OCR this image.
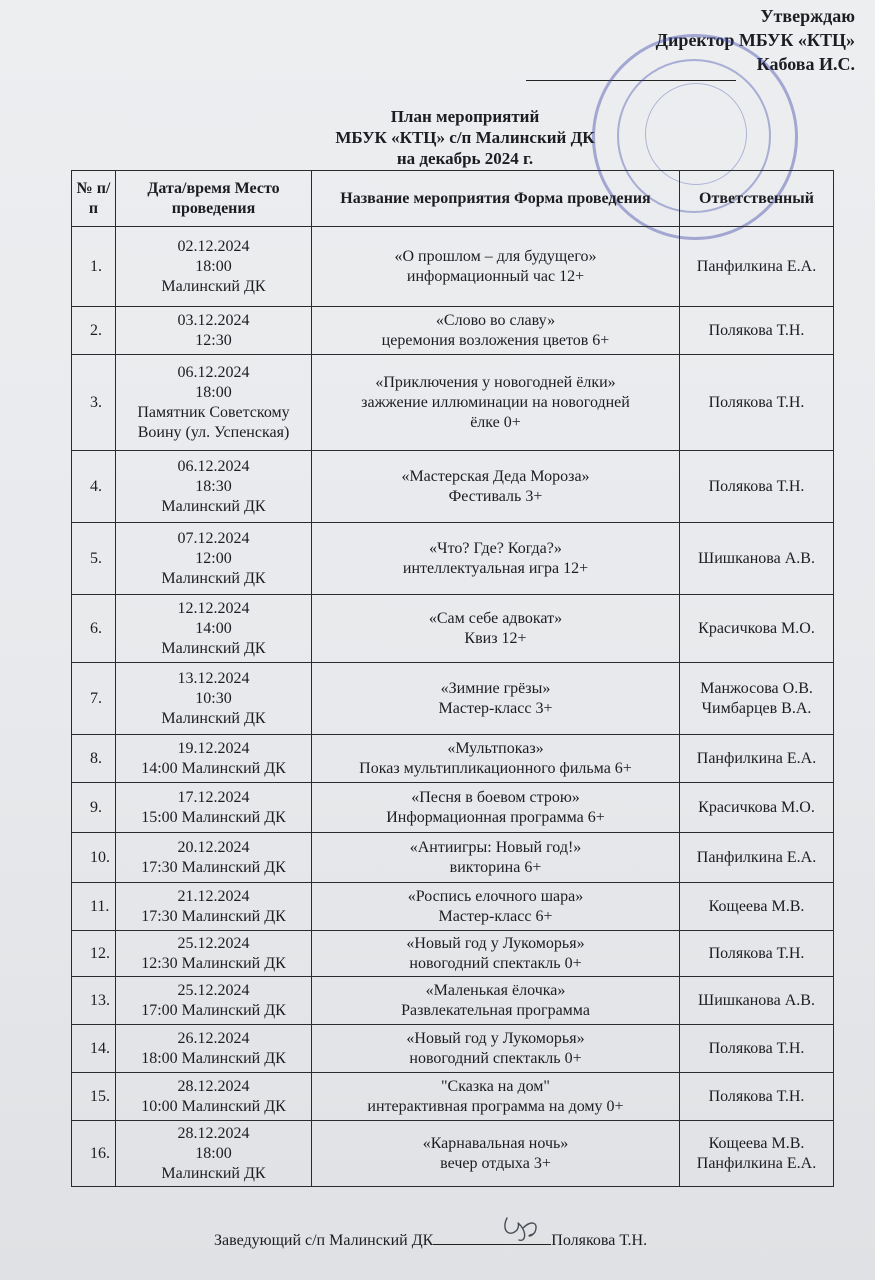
Утверждаю
Директор МБУК «КТЦ»
Кабова И.С.
План мероприятий
МБУК «КТЦ» с/п Малинский ДК
на декабрь 2024 г.
№ п/п	Дата/время Место проведения	Название мероприятия Форма проведения	Ответственный
1.	02.12.2024
18:00
Малинский ДК	«О прошлом – для будущего»
информационный час 12+	Панфилкина Е.А.
2.	03.12.2024
12:30	«Слово во славу»
церемония возложения цветов 6+	Полякова Т.Н.
3.	06.12.2024
18:00
Памятник Советскому
Воину (ул. Успенская)	«Приключения у новогодней ёлки»
зажжение иллюминации на новогодней
ёлке 0+	Полякова Т.Н.
4.	06.12.2024
18:30
Малинский ДК	«Мастерская Деда Мороза»
Фестиваль 3+	Полякова Т.Н.
5.	07.12.2024
12:00
Малинский ДК	«Что? Где? Когда?»
интеллектуальная игра 12+	Шишканова А.В.
6.	12.12.2024
14:00
Малинский ДК	«Сам себе адвокат»
Квиз 12+	Красичкова М.О.
7.	13.12.2024
10:30
Малинский ДК	«Зимние грёзы»
Мастер-класс 3+	Манжосова О.В.
Чимбарцев В.А.
8.	19.12.2024
14:00 Малинский ДК	«Мультпоказ»
Показ мультипликационного фильма 6+	Панфилкина Е.А.
9.	17.12.2024
15:00 Малинский ДК	«Песня в боевом строю»
Информационная программа 6+	Красичкова М.О.
10.	20.12.2024
17:30 Малинский ДК	«Антиигры: Новый год!»
викторина 6+	Панфилкина Е.А.
11.	21.12.2024
17:30 Малинский ДК	«Роспись елочного шара»
Мастер-класс 6+	Кощеева М.В.
12.	25.12.2024
12:30 Малинский ДК	«Новый год у Лукоморья»
новогодний спектакль 0+	Полякова Т.Н.
13.	25.12.2024
17:00 Малинский ДК	«Маленькая ёлочка»
Развлекательная программа	Шишканова А.В.
14.	26.12.2024
18:00 Малинский ДК	«Новый год у Лукоморья»
новогодний спектакль 0+	Полякова Т.Н.
15.	28.12.2024
10:00 Малинский ДК	"Сказка на дом"
интерактивная программа на дому 0+	Полякова Т.Н.
16.	28.12.2024
18:00
Малинский ДК	«Карнавальная ночь»
вечер отдыха 3+	Кощеева М.В.
Панфилкина Е.А.
Заведующий с/п Малинский ДК	Полякова Т.Н.
